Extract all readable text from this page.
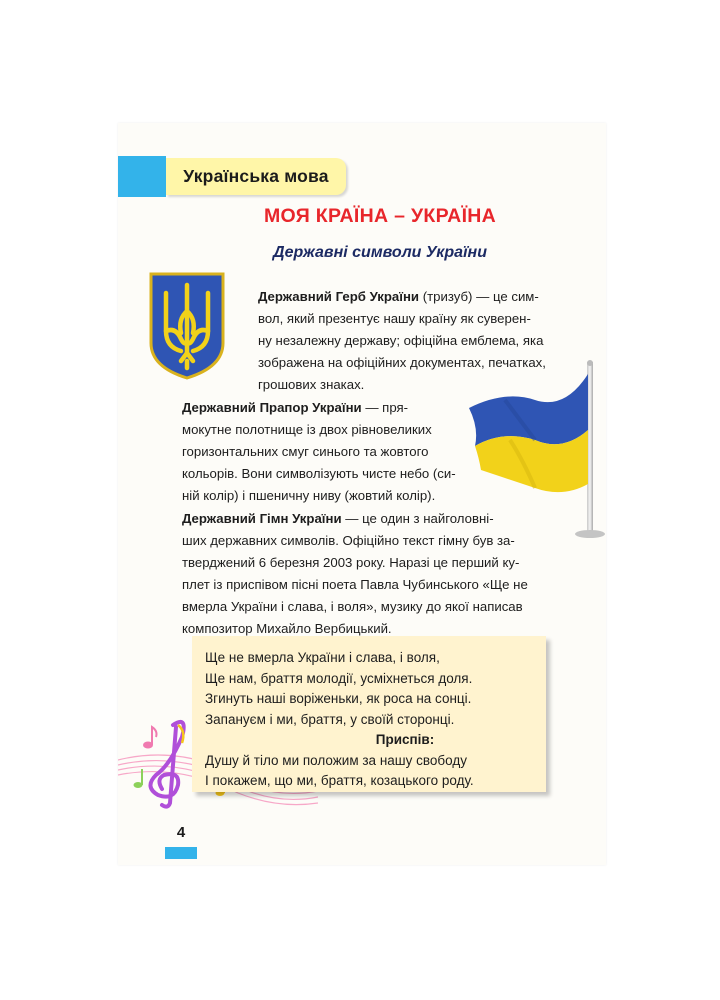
Українська мова
МОЯ КРАЇНА – УКРАЇНА
Державні символи України
Державний Герб України (тризуб) — це сим-
вол, який презентує нашу країну як суверен-
ну незалежну державу; офіційна емблема, яка
зображена на офіційних документах, печатках,
грошових знаках.
Державний Прапор України — пря-
мокутне полотнище із двох рівновеликих
горизонтальних смуг синього та жовтого
кольорів. Вони символізують чисте небо (си-
ній колір) і пшеничну ниву (жовтий колір).
Державний Гімн України — це один з найголовні-
ших державних символів. Офіційно текст гімну був за-
тверджений 6 березня 2003 року. Наразі це перший ку-
плет із приспівом пісні поета Павла Чубинського «Ще не
вмерла України і слава, і воля», музику до якої написав
композитор Михайло Вербицький.
Ще не вмерла України і слава, і воля,
Ще нам, браття молодії, усміхнеться доля.
Згинуть наші воріженьки, як роса на сонці.
Запануєм і ми, браття, у своїй сторонці.
Приспів:
Душу й тіло ми положим за нашу свободу
І покажем, що ми, браття, козацького роду.
4
